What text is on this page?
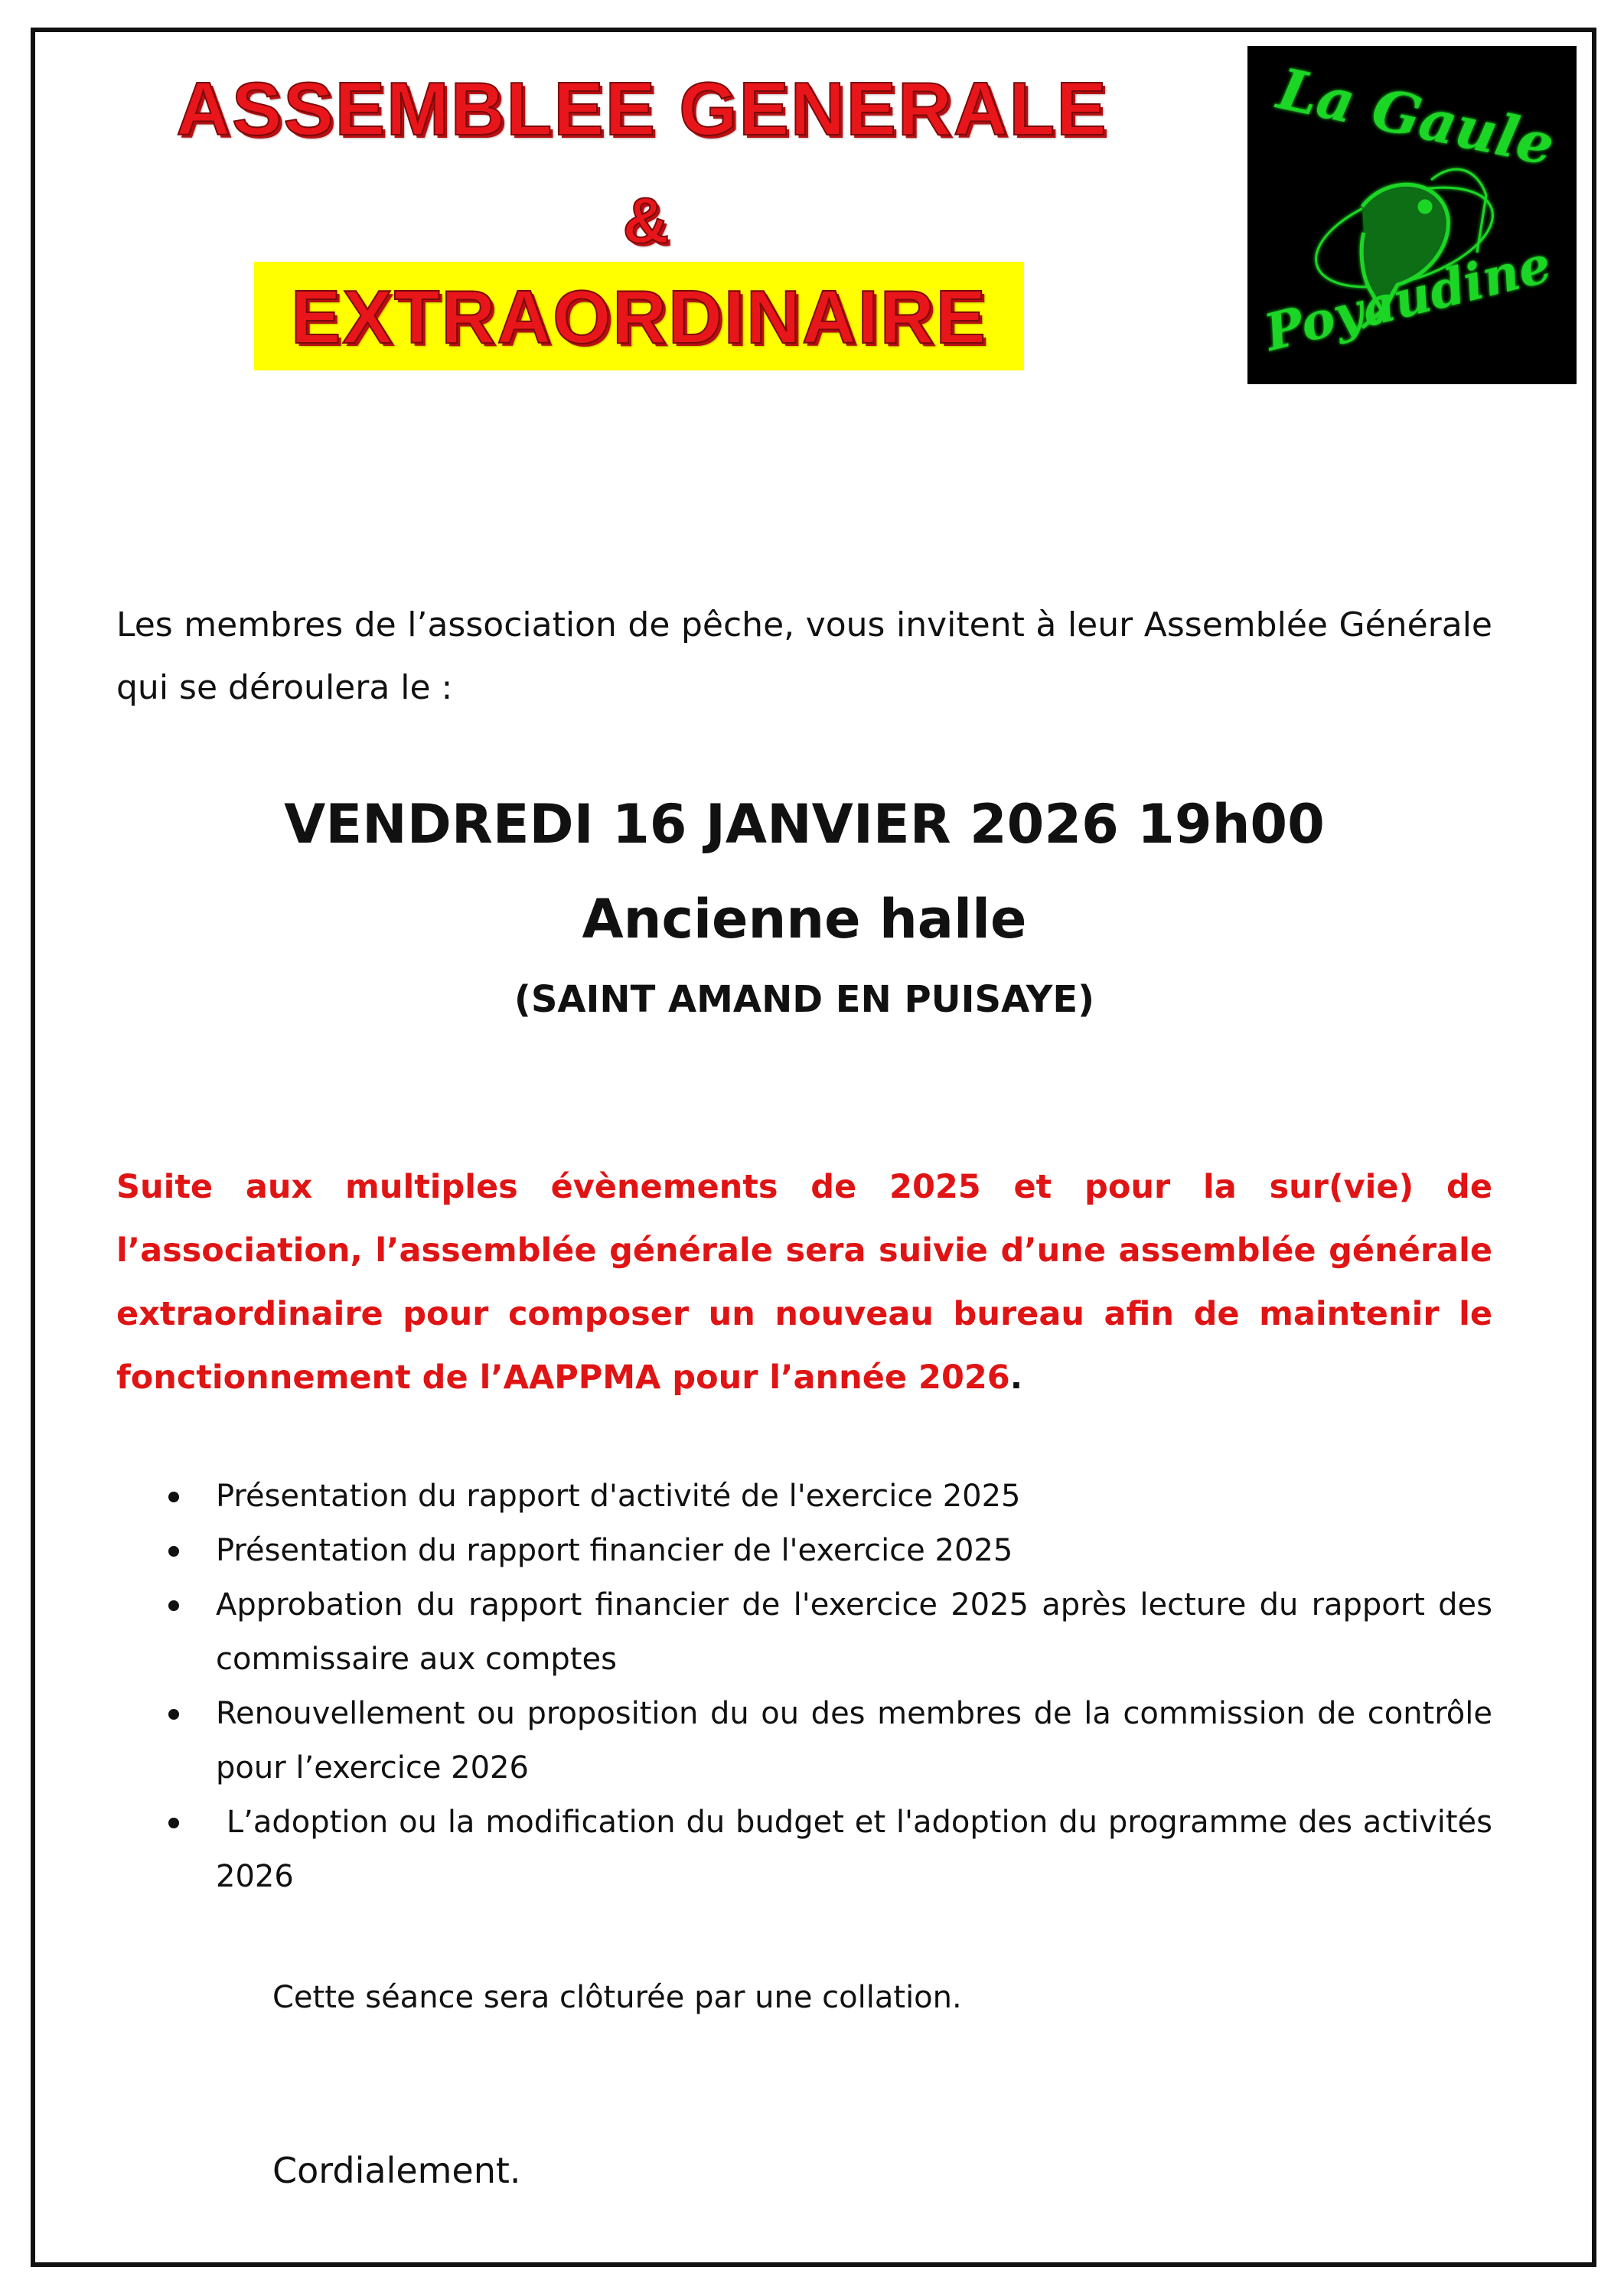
ASSEMBLEE GENERALE
&
EXTRAORDINAIRE
La Gaule
Poyaudine
Les membres de l’association de pêche, vous invitent à leur Assemblée Générale qui se déroulera le :
VENDREDI 16 JANVIER 2026 19h00
Ancienne halle
(SAINT AMAND EN PUISAYE)
Suite aux multiples évènements de 2025 et pour la sur(vie) de l’association, l’assemblée générale sera suivie d’une assemblée générale extraordinaire pour composer un nouveau bureau afin de maintenir le fonctionnement de l’AAPPMA pour l’année 2026.
Présentation du rapport d'activité de l'exercice 2025
Présentation du rapport financier de l'exercice 2025
Approbation du rapport financier de l'exercice 2025 après lecture du rapport des commissaire aux comptes
Renouvellement ou proposition du ou des membres de la commission de contrôle pour l’exercice 2026
L’adoption ou la modification du budget et l'adoption du programme des activités 2026
Cette séance sera clôturée par une collation.
Cordialement.
